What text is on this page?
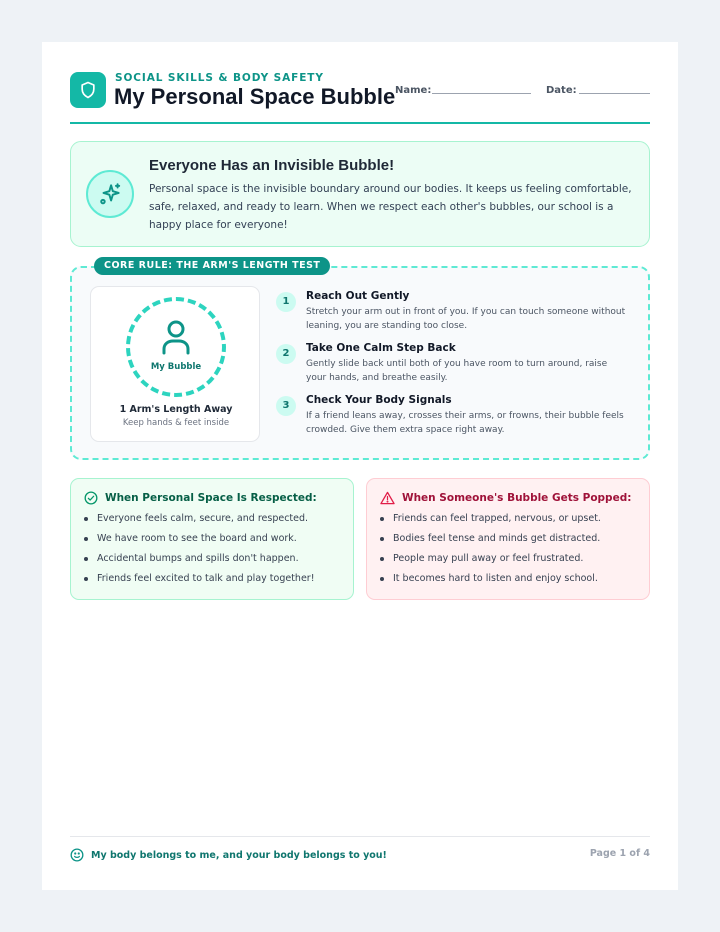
SOCIAL SKILLS & BODY SAFETY
My Personal Space Bubble Name:	Date:
Everyone Has an Invisible Bubble!
Personal space is the invisible boundary around our bodies. It keeps us feeling comfortable, safe, relaxed, and ready to learn. When we respect each other's bubbles, our school is a happy place for everyone!
CORE RULE: THE ARM'S LENGTH TEST
My Bubble
1 Arm's Length Away
Keep hands & feet inside
1	Reach Out Gently
Stretch your arm out in front of you. If you can touch someone without leaning, you are standing too close.
2	Take One Calm Step Back
Gently slide back until both of you have room to turn around, raise your hands, and breathe easily.
3	Check Your Body Signals
If a friend leans away, crosses their arms, or frowns, their bubble feels crowded. Give them extra space right away.
When Personal Space Is Respected:
Everyone feels calm, secure, and respected.
We have room to see the board and work.
Accidental bumps and spills don't happen.
Friends feel excited to talk and play together!
When Someone's Bubble Gets Popped:
Friends can feel trapped, nervous, or upset.
Bodies feel tense and minds get distracted.
People may pull away or feel frustrated.
It becomes hard to listen and enjoy school.
My body belongs to me, and your body belongs to you!	Page 1 of 4
